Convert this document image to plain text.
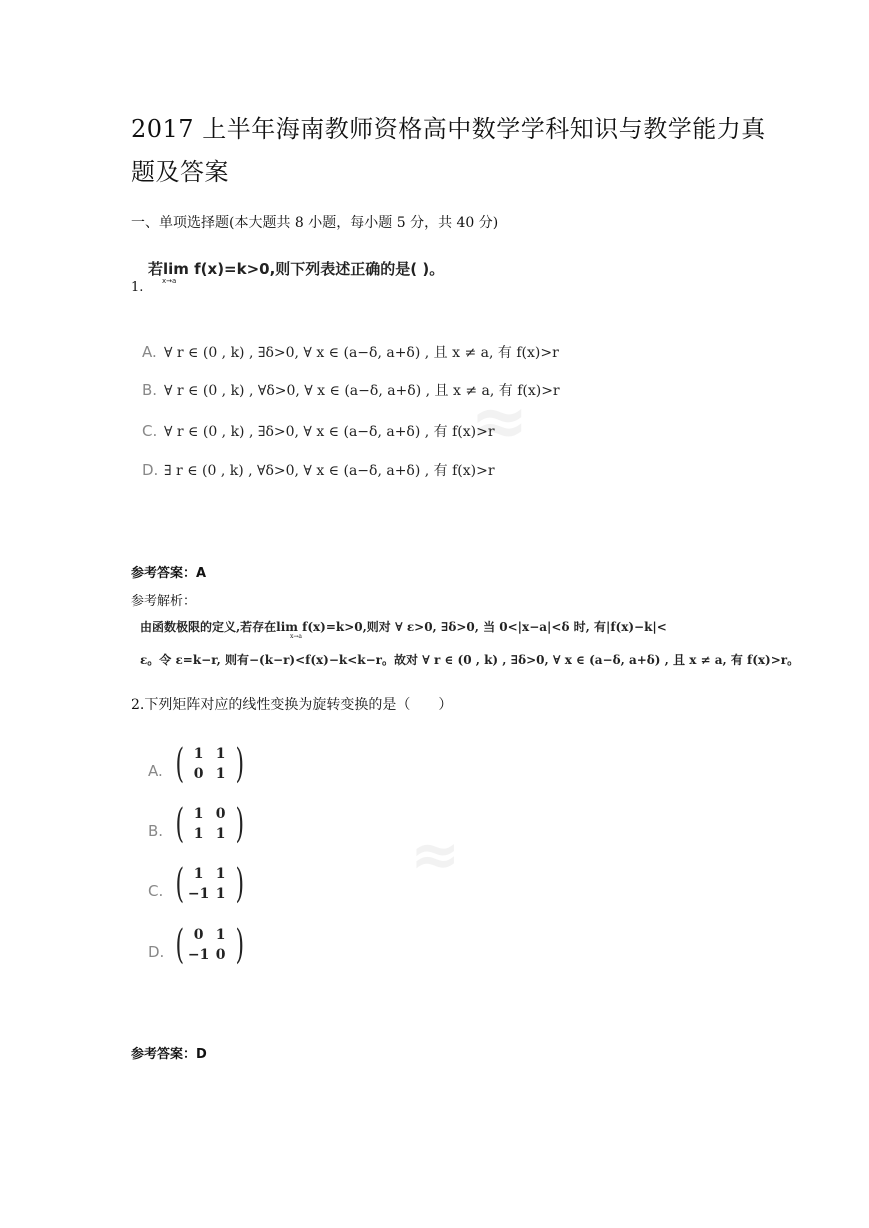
2017 上半年海南教师资格高中数学学科知识与教学能力真
题及答案
一、单项选择题(本大题共 8 小题，每小题 5 分，共 40 分)
1.
若lim f(x)=k>0,则下列表述正确的是( )。
x→a
A. ∀ r ∈ (0 , k) , ∃δ>0, ∀ x ∈ (a−δ, a+δ) , 且 x ≠ a, 有 f(x)>r
B. ∀ r ∈ (0 , k) , ∀δ>0, ∀ x ∈ (a−δ, a+δ) , 且 x ≠ a, 有 f(x)>r
C. ∀ r ∈ (0 , k) , ∃δ>0, ∀ x ∈ (a−δ, a+δ) , 有 f(x)>r
D. ∃ r ∈ (0 , k) , ∀δ>0, ∀ x ∈ (a−δ, a+δ) , 有 f(x)>r
≈
参考答案：A
参考解析：
由函数极限的定义,若存在lim f(x)=k>0,则对 ∀ ε>0, ∃δ>0, 当 0<|x−a|<δ 时, 有|f(x)−k|<
x→a
ε。令 ε=k−r, 则有−(k−r)<f(x)−k<k−r。故对 ∀ r ∈ (0 , k) , ∃δ>0, ∀ x ∈ (a−δ, a+δ) , 且 x ≠ a, 有 f(x)>r。
2.下列矩阵对应的线性变换为旋转变换的是（　　）
A. ( 1 1
0 1 )
B. ( 1 0
1 1 )
C. ( 1 1
−1 1 )
D. ( 0 1
−1 0 )
≈
参考答案：D
